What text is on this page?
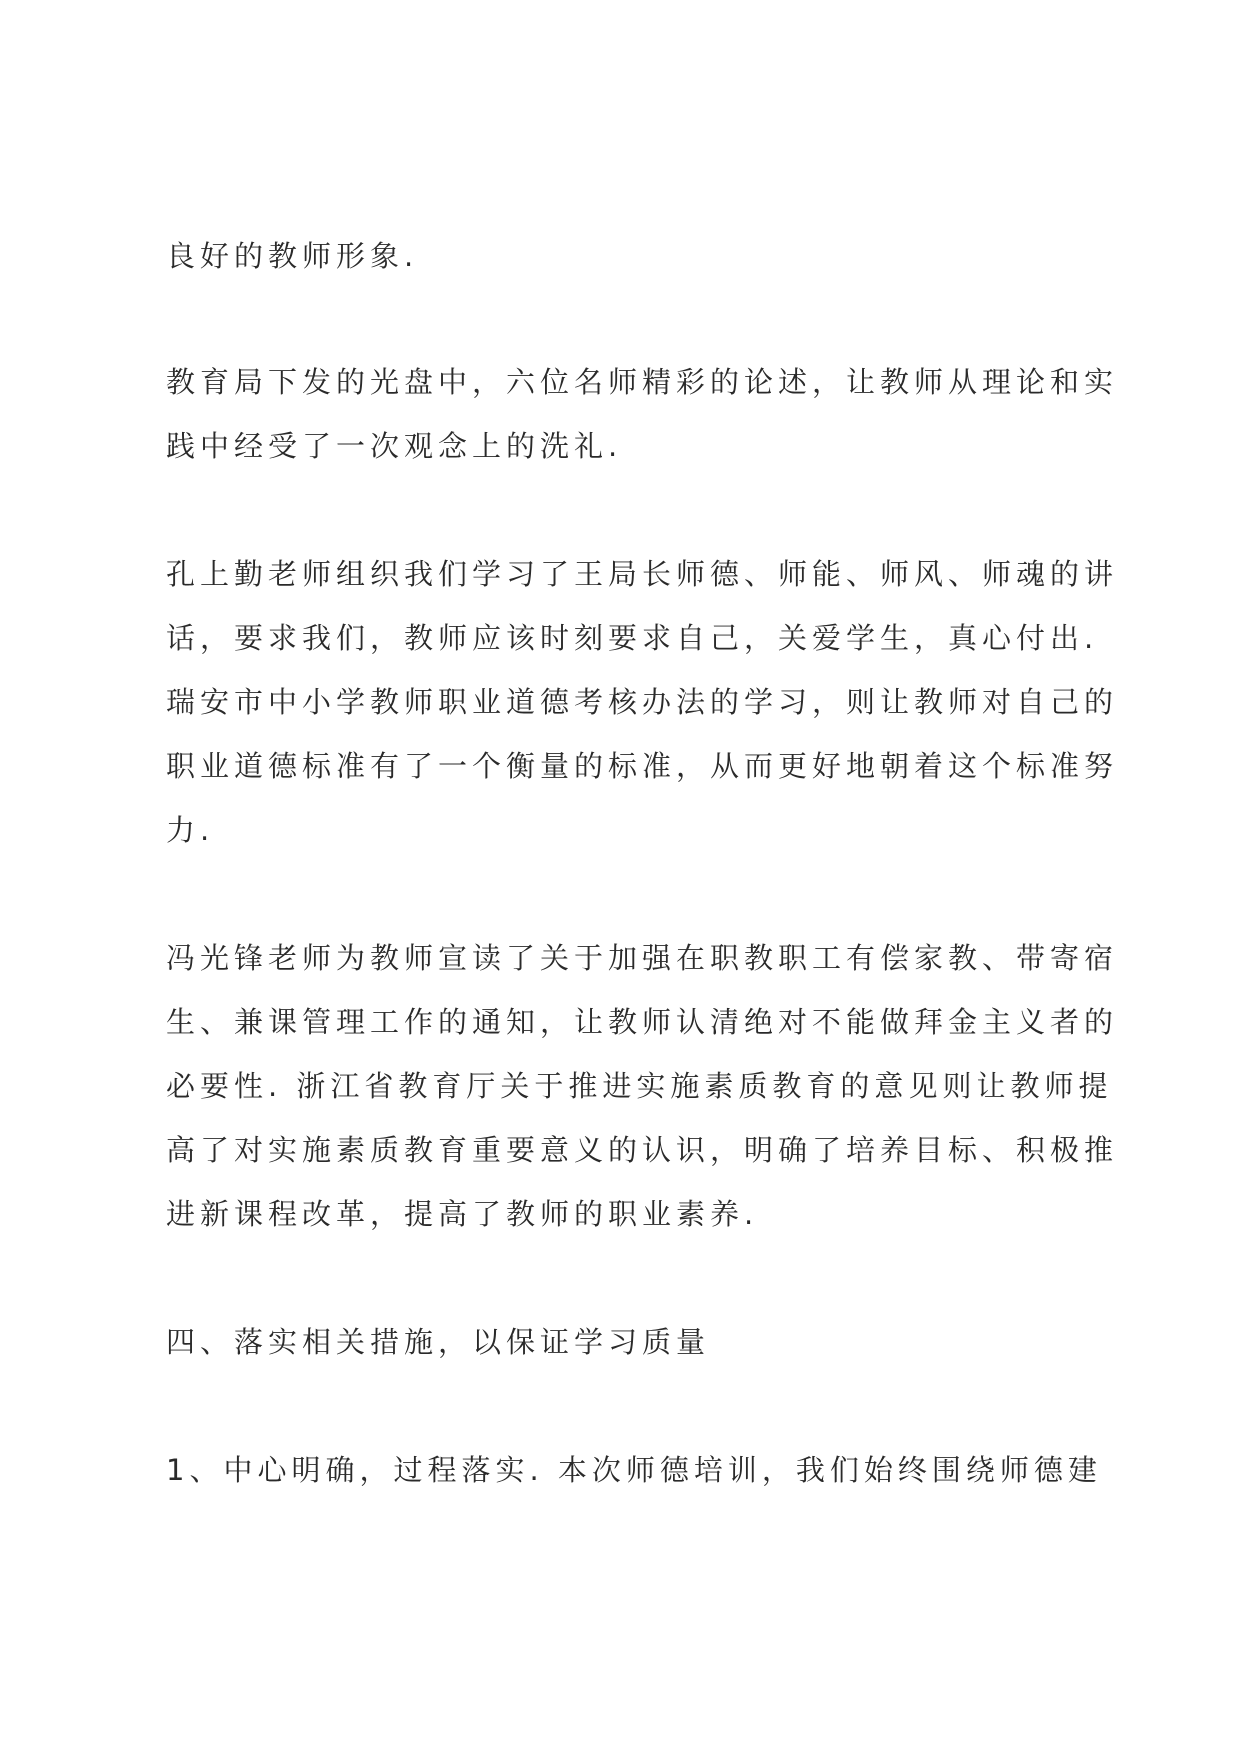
良好的教师形象.
教育局下发的光盘中，六位名师精彩的论述，让教师从理论和实
践中经受了一次观念上的洗礼.
孔上勤老师组织我们学习了王局长师德、师能、师风、师魂的讲
话，要求我们，教师应该时刻要求自己，关爱学生，真心付出.
瑞安市中小学教师职业道德考核办法的学习，则让教师对自己的
职业道德标准有了一个衡量的标准，从而更好地朝着这个标准努
力.
冯光锋老师为教师宣读了关于加强在职教职工有偿家教、带寄宿
生、兼课管理工作的通知，让教师认清绝对不能做拜金主义者的
必要性. 浙江省教育厅关于推进实施素质教育的意见则让教师提
高了对实施素质教育重要意义的认识，明确了培养目标、积极推
进新课程改革，提高了教师的职业素养.
四、落实相关措施，以保证学习质量
1、中心明确，过程落实. 本次师德培训，我们始终围绕师德建
